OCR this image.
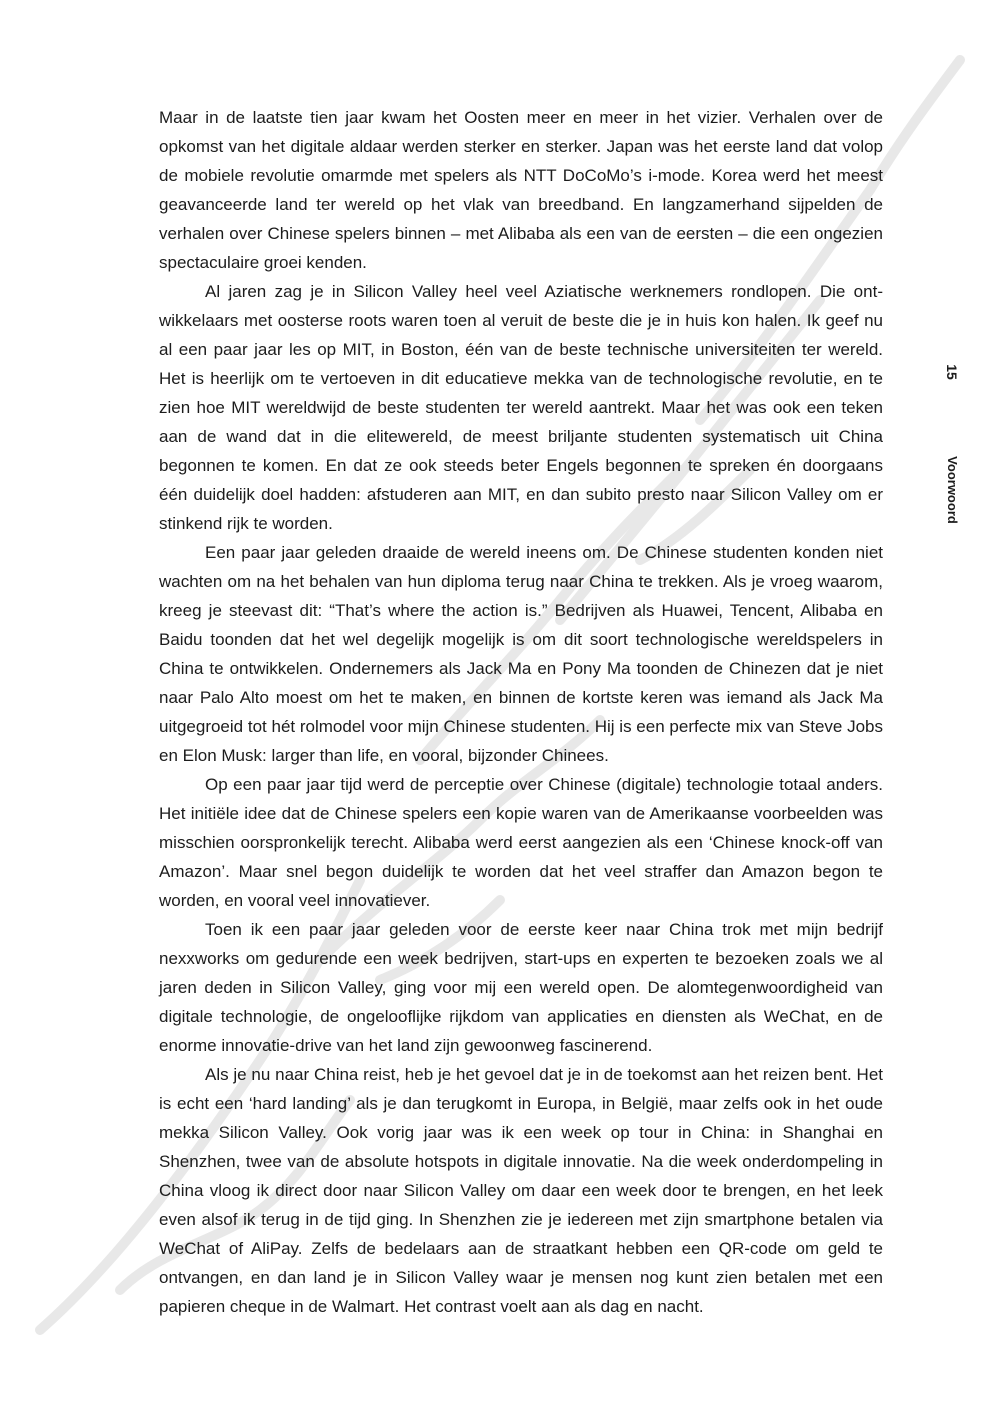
Maar in de laatste tien jaar kwam het Oosten meer en meer in het vizier. Verhalen over de opkomst van het digitale aldaar werden sterker en sterker. Japan was het eerste land dat volop de mobiele revolutie omarmde met spelers als NTT DoCoMo’s i-mode. Korea werd het meest geavanceerde land ter wereld op het vlak van breedband. En langzamerhand sijpelden de verhalen over Chinese spelers binnen – met Alibaba als een van de eersten – die een ongezien spectaculaire groei kenden.

Al jaren zag je in Silicon Valley heel veel Aziatische werknemers rondlopen. Die ontwikkelaars met oosterse roots waren toen al veruit de beste die je in huis kon halen. Ik geef nu al een paar jaar les op MIT, in Boston, één van de beste technische universiteiten ter wereld. Het is heerlijk om te vertoeven in dit educatieve mekka van de technologische revolutie, en te zien hoe MIT wereldwijd de beste studenten ter wereld aantrekt. Maar het was ook een teken aan de wand dat in die elitewereld, de meest briljante studenten systematisch uit China begonnen te komen. En dat ze ook steeds beter Engels begonnen te spreken én doorgaans één duidelijk doel hadden: afstuderen aan MIT, en dan subito presto naar Silicon Valley om er stinkend rijk te worden.

Een paar jaar geleden draaide de wereld ineens om. De Chinese studenten konden niet wachten om na het behalen van hun diploma terug naar China te trekken. Als je vroeg waarom, kreeg je steevast dit: “That’s where the action is.” Bedrijven als Huawei, Tencent, Alibaba en Baidu toonden dat het wel degelijk mogelijk is om dit soort technologische wereldspelers in China te ontwikkelen. Ondernemers als Jack Ma en Pony Ma toonden de Chinezen dat je niet naar Palo Alto moest om het te maken, en binnen de kortste keren was iemand als Jack Ma uitgegroeid tot hét rolmodel voor mijn Chinese studenten. Hij is een perfecte mix van Steve Jobs en Elon Musk: larger than life, en vooral, bijzonder Chinees.

Op een paar jaar tijd werd de perceptie over Chinese (digitale) technologie totaal anders. Het initiële idee dat de Chinese spelers een kopie waren van de Amerikaanse voorbeelden was misschien oorspronkelijk terecht. Alibaba werd eerst aangezien als een ‘Chinese knock-off van Amazon’. Maar snel begon duidelijk te worden dat het veel straffer dan Amazon begon te worden, en vooral veel innovatiever.

Toen ik een paar jaar geleden voor de eerste keer naar China trok met mijn bedrijf nexxworks om gedurende een week bedrijven, start-ups en experten te bezoeken zoals we al jaren deden in Silicon Valley, ging voor mij een wereld open. De alomtegenwoordigheid van digitale technologie, de ongelooflijke rijkdom van applicaties en diensten als WeChat, en de enorme innovatie-drive van het land zijn gewoonweg fascinerend.

Als je nu naar China reist, heb je het gevoel dat je in de toekomst aan het reizen bent. Het is echt een ‘hard landing’ als je dan terugkomt in Europa, in België, maar zelfs ook in het oude mekka Silicon Valley. Ook vorig jaar was ik een week op tour in China: in Shanghai en Shenzhen, twee van de absolute hotspots in digitale innovatie. Na die week onderdompeling in China vloog ik direct door naar Silicon Valley om daar een week door te brengen, en het leek even alsof ik terug in de tijd ging. In Shenzhen zie je iedereen met zijn smartphone betalen via WeChat of AliPay. Zelfs de bedelaars aan de straatkant hebben een QR-code om geld te ontvangen, en dan land je in Silicon Valley waar je mensen nog kunt zien betalen met een papieren cheque in de Walmart. Het contrast voelt aan als dag en nacht.

15
Voorwoord
